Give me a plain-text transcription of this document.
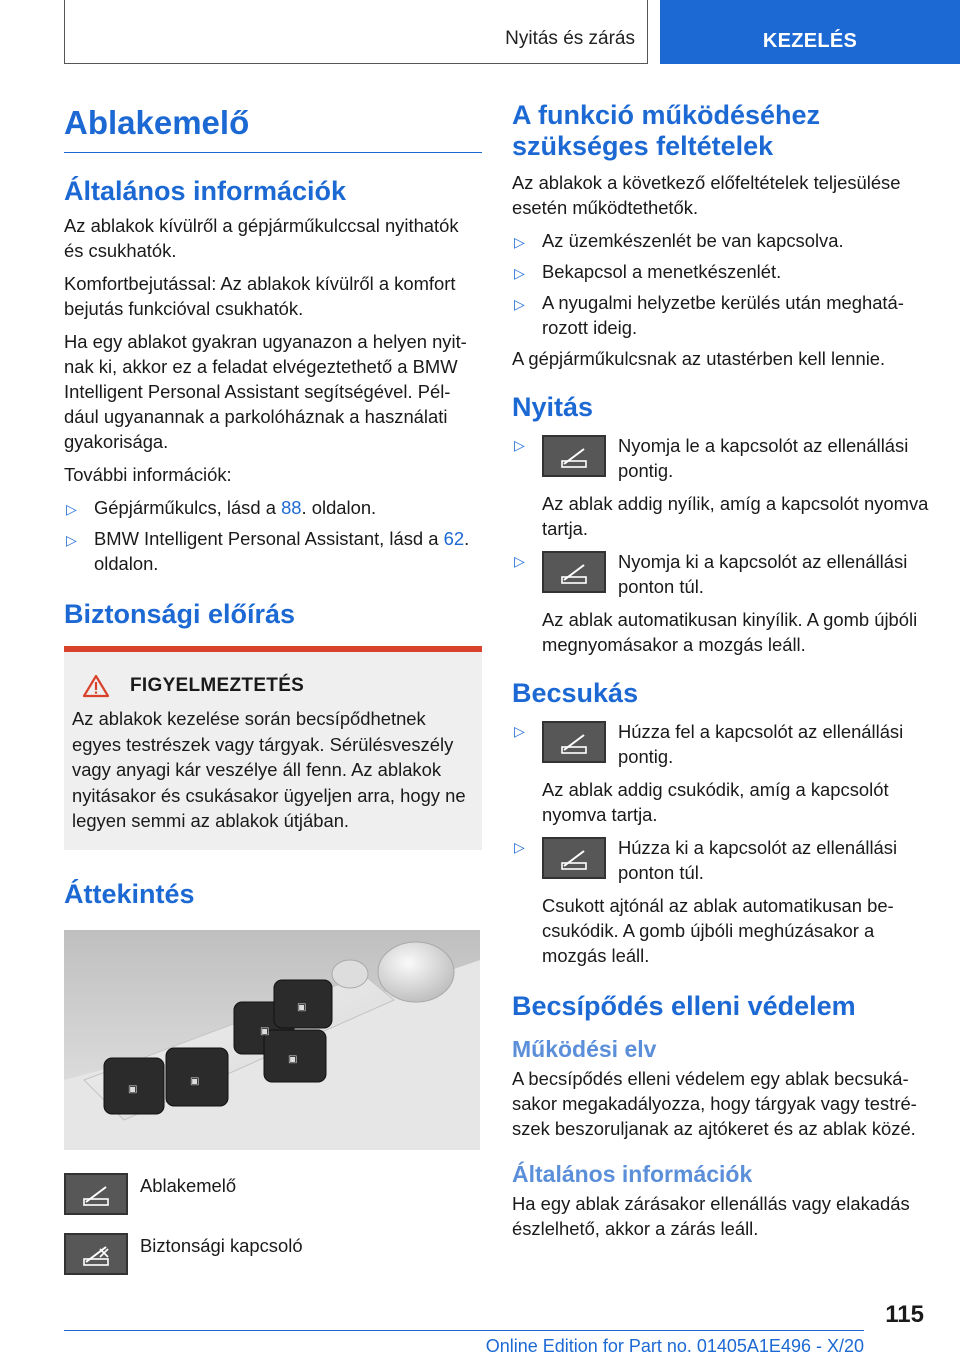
Nyitás és zárás	KEZELÉS
Ablakemelő
Általános információk

Az ablakok kívülről a gépjárműkulccsal nyithatók és csukhatók.

Komfortbejutással: Az ablakok kívülről a komfort bejutás funkcióval csukhatók.

Ha egy ablakot gyakran ugyanazon a helyen nyit-nak ki, akkor ez a feladat elvégeztethető a BMW Intelligent Personal Assistant segítségével. Pél-dául ugyanannak a parkolóháznak a használati gyakorisága.

További információk:

▷ Gépjárműkulcs, lásd a 88. oldalon.
▷ BMW Intelligent Personal Assistant, lásd a 62. oldalon.
Biztonsági előírás
FIGYELMEZTETÉS

Az ablakok kezelése során becsípődhetnek egyes testrészek vagy tárgyak. Sérülésveszély vagy anyagi kár veszélye áll fenn. Az ablakok nyitásakor és csukásakor ügyeljen arra, hogy ne legyen semmi az ablakok útjában.

Áttekintés
▣
▣
▣
▣
▣
Ablakemelő
Biztonsági kapcsoló
A funkció működéséhez szükséges feltételek

Az ablakok a következő előfeltételek teljesülése esetén működtethetők.

▷ Az üzemkészenlét be van kapcsolva.
▷ Bekapcsol a menetkészenlét.
▷ A nyugalmi helyzetbe kerülés után meghatá-rozott ideig.

A gépjárműkulcsnak az utastérben kell lennie.

Nyitás
▷	Nyomja le a kapcsolót az ellenállási pontig.

Az ablak addig nyílik, amíg a kapcsolót nyomva tartja.

▷	Nyomja ki a kapcsolót az ellenállási ponton túl.

Az ablak automatikusan kinyílik. A gomb újbóli megnyomásakor a mozgás leáll.

Becsukás
▷	Húzza fel a kapcsolót az ellenállási pontig.

Az ablak addig csukódik, amíg a kapcsolót nyomva tartja.

▷	Húzza ki a kapcsolót az ellenállási ponton túl.

Csukott ajtónál az ablak automatikusan be-csukódik. A gomb újbóli meghúzásakor a mozgás leáll.

Becsípődés elleni védelem
Működési elv

A becsípődés elleni védelem egy ablak becsuká-sakor megakadályozza, hogy tárgyak vagy testré-szek beszoruljanak az ajtókeret és az ablak közé.

Általános információk

Ha egy ablak zárásakor ellenállás vagy elakadás észlelhető, akkor a zárás leáll.

115
Online Edition for Part no. 01405A1E496 - X/20
